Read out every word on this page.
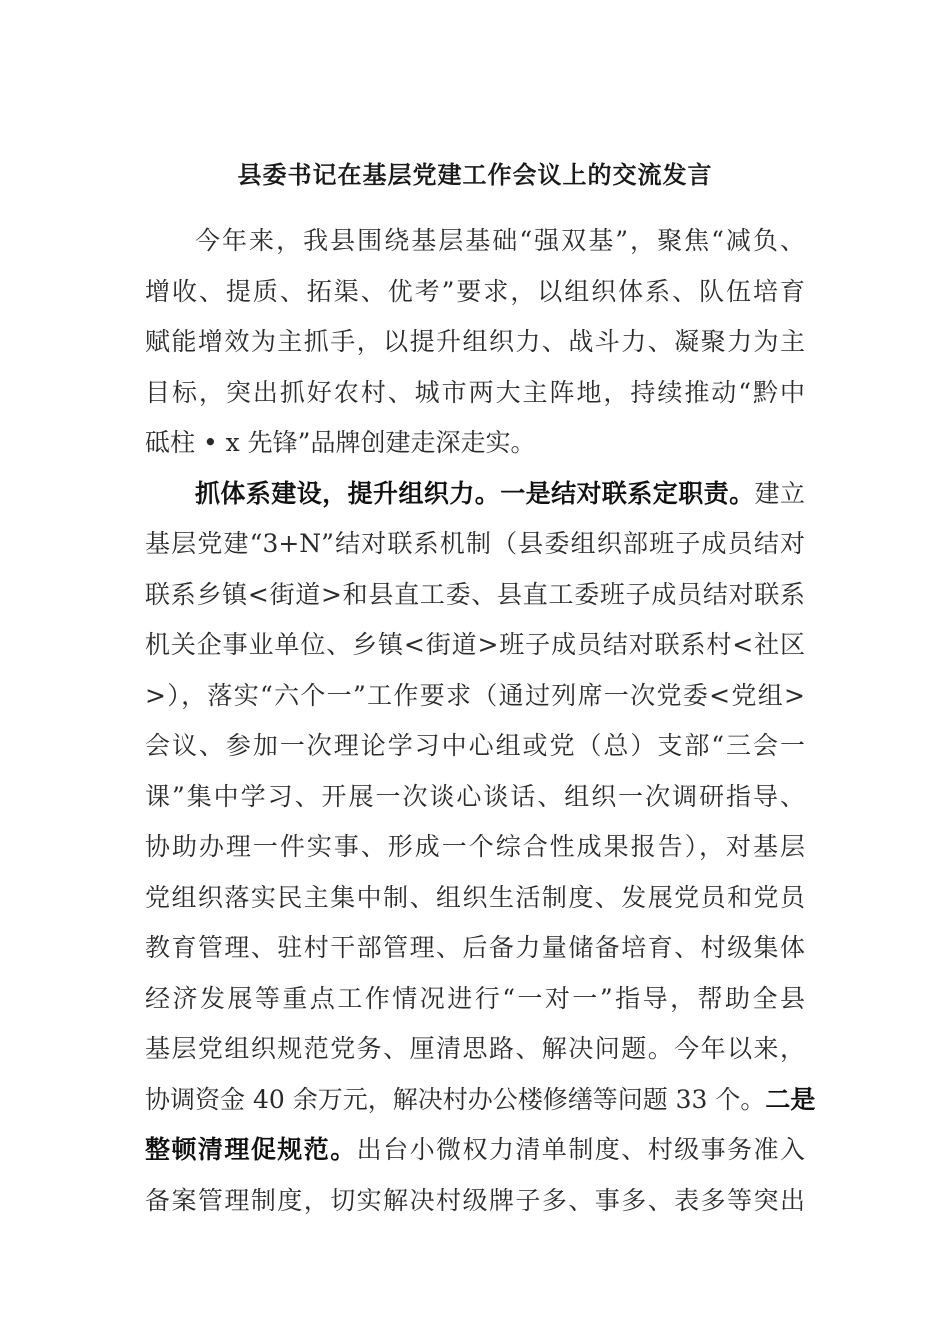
县委书记在基层党建工作会议上的交流发言
今年来，我县围绕基层基础“强双基”，聚焦“减负、
增收、提质、拓渠、优考”要求，以组织体系、队伍培育
赋能增效为主抓手，以提升组织力、战斗力、凝聚力为主
目标，突出抓好农村、城市两大主阵地，持续推动“黔中
砥柱 • x 先锋”品牌创建走深走实。
抓体系建设，提升组织力。一是结对联系定职责。建立
基层党建“3+N”结对联系机制（县委组织部班子成员结对
联系乡镇<街道>和县直工委、县直工委班子成员结对联系
机关企事业单位、乡镇<街道>班子成员结对联系村<社区
>），落实“六个一”工作要求（通过列席一次党委<党组>
会议、参加一次理论学习中心组或党（总）支部“三会一
课”集中学习、开展一次谈心谈话、组织一次调研指导、
协助办理一件实事、形成一个综合性成果报告），对基层
党组织落实民主集中制、组织生活制度、发展党员和党员
教育管理、驻村干部管理、后备力量储备培育、村级集体
经济发展等重点工作情况进行“一对一”指导，帮助全县
基层党组织规范党务、厘清思路、解决问题。今年以来，
协调资金 40 余万元，解决村办公楼修缮等问题 33 个。二是
整顿清理促规范。出台小微权力清单制度、村级事务准入
备案管理制度，切实解决村级牌子多、事多、表多等突出
